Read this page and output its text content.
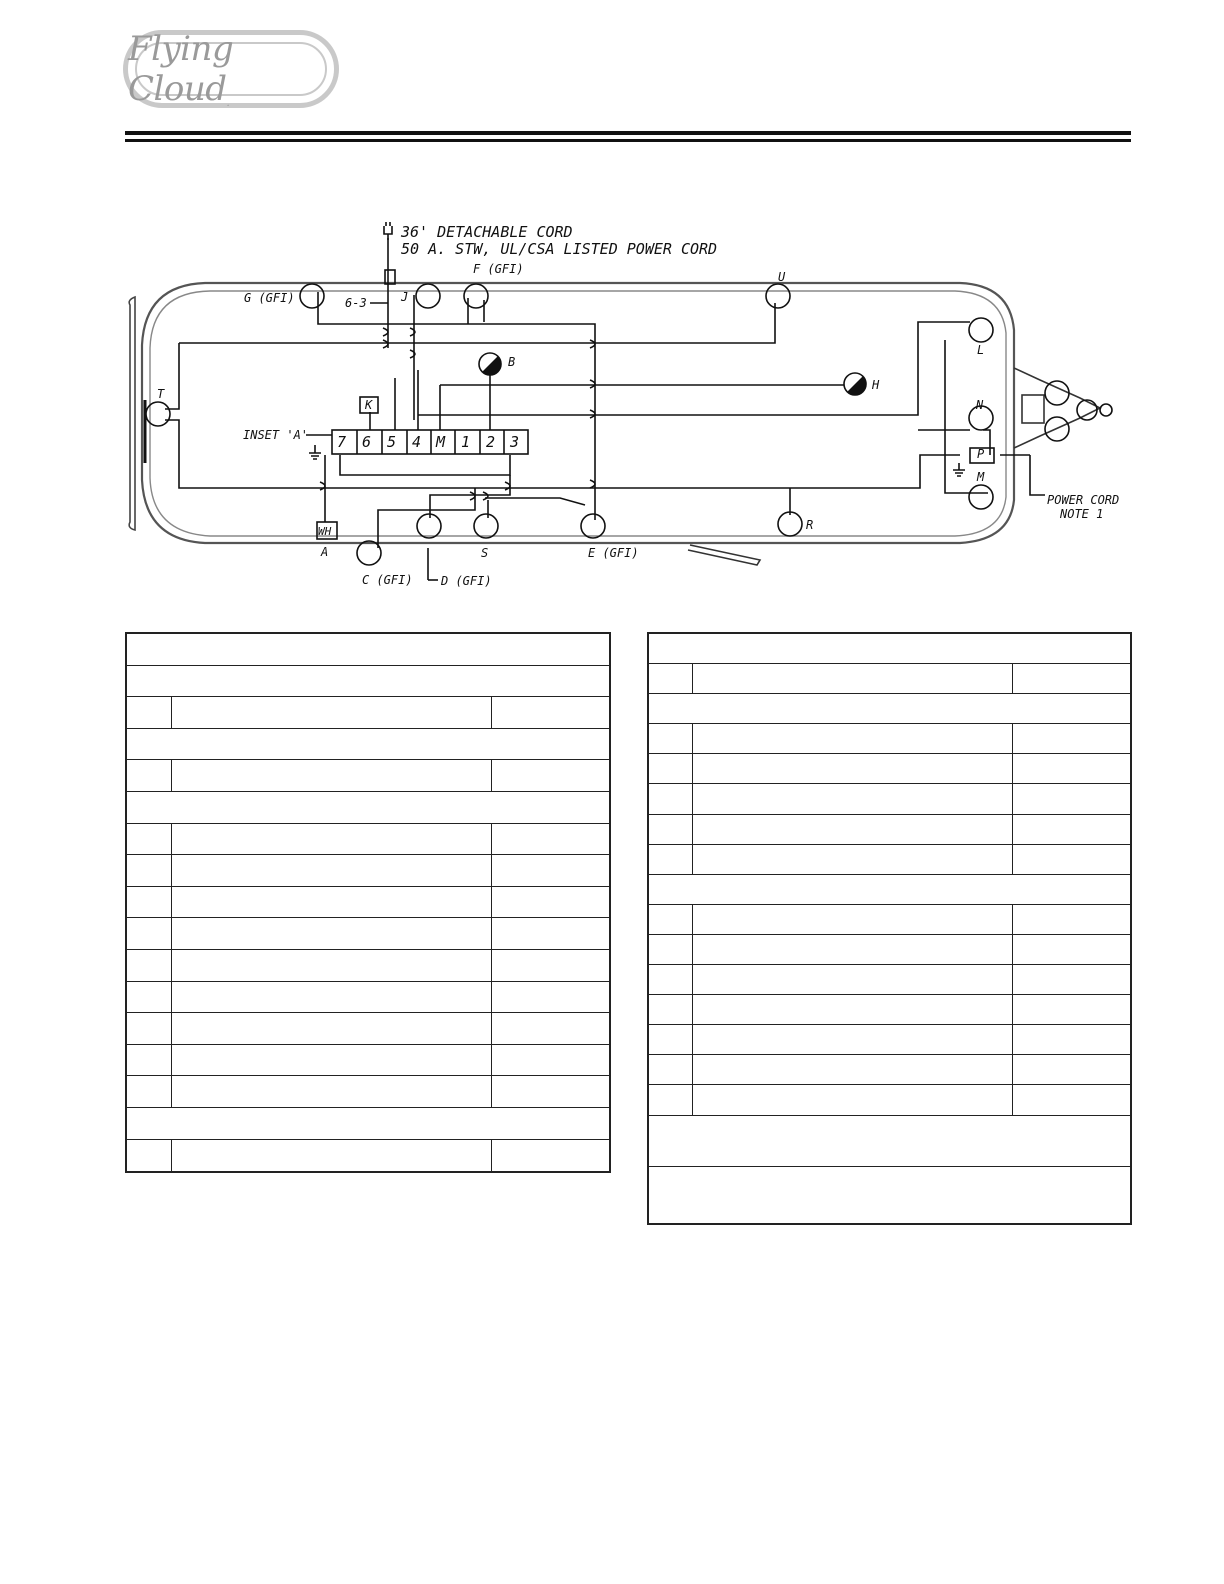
Flying Cloud.
36' DETACHABLE CORD
50 A. STW, UL/CSA LISTED POWER CORD
G (GFI)
F (GFI)
U
6-3	J
B
H
L
N
P
M
T
K
INSET 'A'
WH
A
C (GFI) D (GFI)
S	E (GFI)
R
POWER CORD
NOTE 1
7 6 5 4 M 1 2 3
